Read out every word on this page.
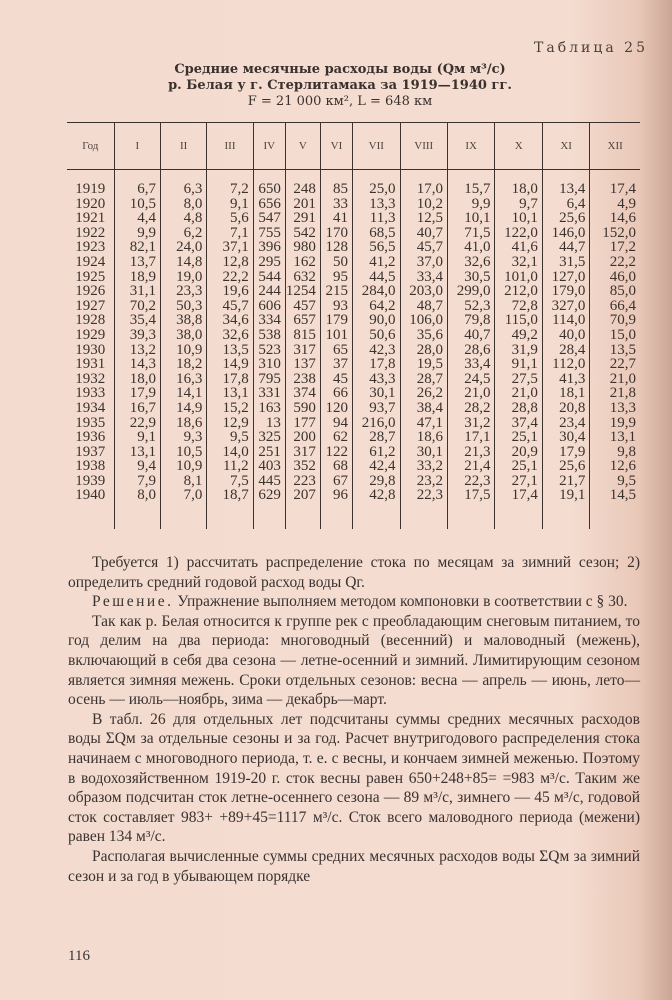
Таблица 25
Средние месячные расходы воды (Qм м³/с)
р. Белая у г. Стерлитамака за 1919—1940 гг.
F = 21 000 км², L = 648 км
Год	I	II	III	IV	V	VI	VII	VIII	IX	X	XI	XII
1919	6,7	6,3	7,2	650	248	85	25,0	17,0	15,7	18,0	13,4	17,4
1920	10,5	8,0	9,1	656	201	33	13,3	10,2	9,9	9,7	6,4	4,9
1921	4,4	4,8	5,6	547	291	41	11,3	12,5	10,1	10,1	25,6	14,6
1922	9,9	6,2	7,1	755	542	170	68,5	40,7	71,5	122,0	146,0	152,0
1923	82,1	24,0	37,1	396	980	128	56,5	45,7	41,0	41,6	44,7	17,2
1924	13,7	14,8	12,8	295	162	50	41,2	37,0	32,6	32,1	31,5	22,2
1925	18,9	19,0	22,2	544	632	95	44,5	33,4	30,5	101,0	127,0	46,0
1926	31,1	23,3	19,6	244	1254	215	284,0	203,0	299,0	212,0	179,0	85,0
1927	70,2	50,3	45,7	606	457	93	64,2	48,7	52,3	72,8	327,0	66,4
1928	35,4	38,8	34,6	334	657	179	90,0	106,0	79,8	115,0	114,0	70,9
1929	39,3	38,0	32,6	538	815	101	50,6	35,6	40,7	49,2	40,0	15,0
1930	13,2	10,9	13,5	523	317	65	42,3	28,0	28,6	31,9	28,4	13,5
1931	14,3	18,2	14,9	310	137	37	17,8	19,5	33,4	91,1	112,0	22,7
1932	18,0	16,3	17,8	795	238	45	43,3	28,7	24,5	27,5	41,3	21,0
1933	17,9	14,1	13,1	331	374	66	30,1	26,2	21,0	21,0	18,1	21,8
1934	16,7	14,9	15,2	163	590	120	93,7	38,4	28,2	28,8	20,8	13,3
1935	22,9	18,6	12,9	13	177	94	216,0	47,1	31,2	37,4	23,4	19,9
1936	9,1	9,3	9,5	325	200	62	28,7	18,6	17,1	25,1	30,4	13,1
1937	13,1	10,5	14,0	251	317	122	61,2	30,1	21,3	20,9	17,9	9,8
1938	9,4	10,9	11,2	403	352	68	42,4	33,2	21,4	25,1	25,6	12,6
1939	7,9	8,1	7,5	445	223	67	29,8	23,2	22,3	27,1	21,7	9,5
1940	8,0	7,0	18,7	629	207	96	42,8	22,3	17,5	17,4	19,1	14,5

Требуется 1) рассчитать распределение стока по месяцам за зимний сезон; 2) определить средний годовой расход воды Qг.

Решение. Упражнение выполняем методом компоновки в соответствии с § 30.

Так как р. Белая относится к группе рек с преобладающим снеговым питанием, то год делим на два периода: многоводный (весенний) и маловодный (межень), включающий в себя два сезона — летне-осенний и зимний. Лимитирующим сезоном является зимняя межень. Сроки отдельных сезонов: весна — апрель — июнь, лето—осень — июль—ноябрь, зима — декабрь—март.

В табл. 26 для отдельных лет подсчитаны суммы средних месячных расходов воды ΣQм за отдельные сезоны и за год. Расчет внутригодового распределения стока начинаем с многоводного периода, т. е. с весны, и кончаем зимней меженью. Поэтому в водохозяйственном 1919-20 г. сток весны равен 650+248+85= =983 м³/с. Таким же образом подсчитан сток летне-осеннего сезона — 89 м³/с, зимнего — 45 м³/с, годовой сток составляет 983+ +89+45=1117 м³/с. Сток всего маловодного периода (межени) равен 134 м³/с.

Располагая вычисленные суммы средних месячных расходов воды ΣQм за зимний сезон и за год в убывающем порядке

116
